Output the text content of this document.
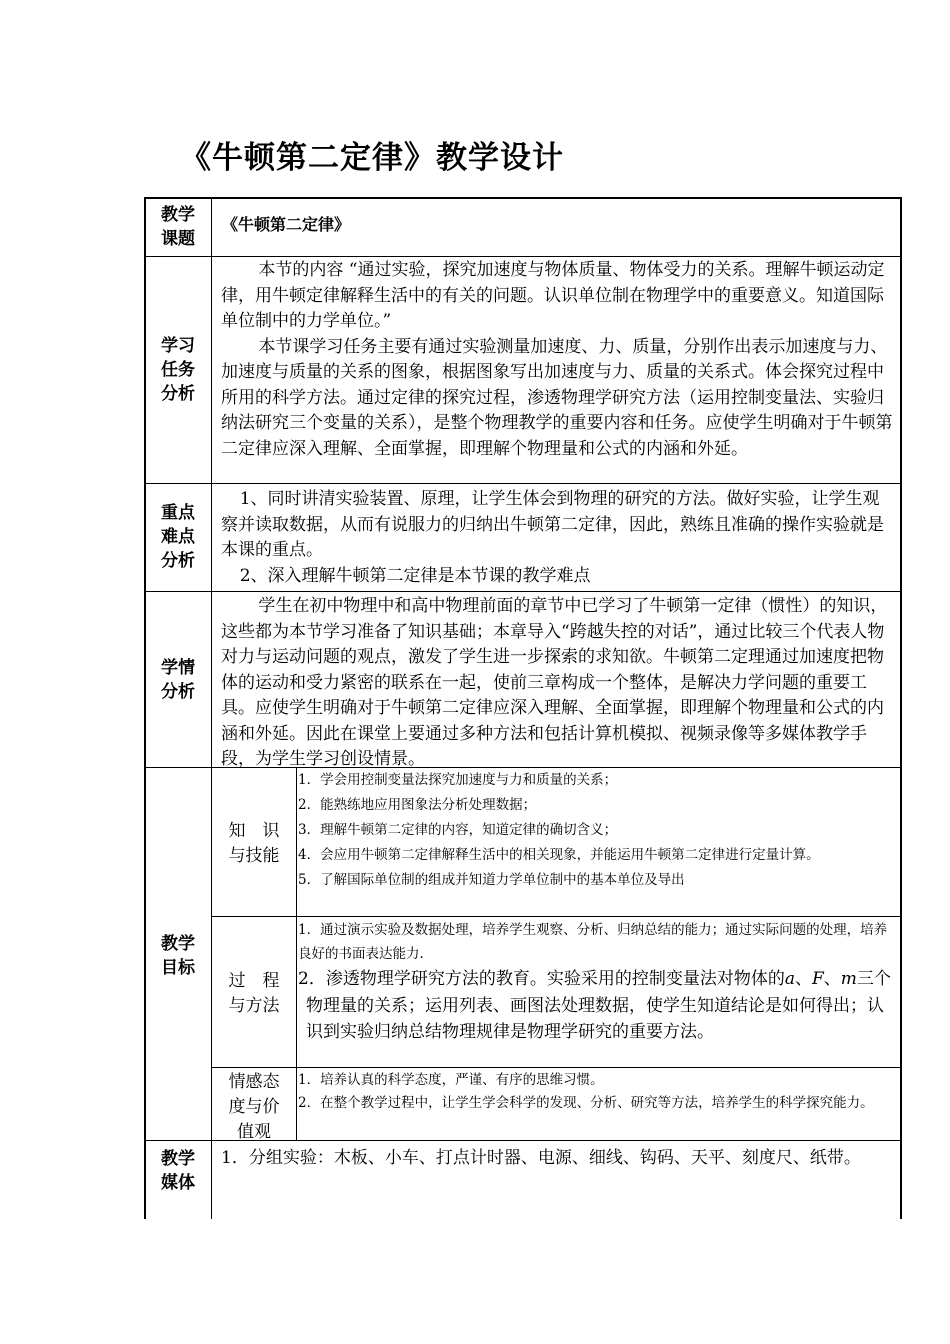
《牛顿第二定律》教学设计
教学
课题
《牛顿第二定律》
学习
任务
分析

本节的内容 “通过实验，探究加速度与物体质量、物体受力的关系。理解牛顿运动定律，用牛顿定律解释生活中的有关的问题。认识单位制在物理学中的重要意义。知道国际单位制中的力学单位。”

本节课学习任务主要有通过实验测量加速度、力、质量，分别作出表示加速度与力、加速度与质量的关系的图象，根据图象写出加速度与力、质量的关系式。体会探究过程中所用的科学方法。通过定律的探究过程，渗透物理学研究方法（运用控制变量法、实验归纳法研究三个变量的关系），是整个物理教学的重要内容和任务。应使学生明确对于牛顿第二定律应深入理解、全面掌握，即理解个物理量和公式的内涵和外延。

重点
难点
分析

1、同时讲清实验装置、原理，让学生体会到物理的研究的方法。做好实验，让学生观察并读取数据，从而有说服力的归纳出牛顿第二定律，因此，熟练且准确的操作实验就是本课的重点。

2、深入理解牛顿第二定律是本节课的教学难点

学情
分析

学生在初中物理中和高中物理前面的章节中已学习了牛顿第一定律（惯性）的知识，这些都为本节学习准备了知识基础；本章导入“跨越失控的对话”，通过比较三个代表人物对力与运动问题的观点，激发了学生进一步探索的求知欲。牛顿第二定理通过加速度把物体的运动和受力紧密的联系在一起，使前三章构成一个整体，是解决力学问题的重要工具。应使学生明确对于牛顿第二定律应深入理解、全面掌握，即理解个物理量和公式的内涵和外延。因此在课堂上要通过多种方法和包括计算机模拟、视频录像等多媒体教学手段，为学生学习创设情景。

教学
目标
知　识
与技能
1．学会用控制变量法探究加速度与力和质量的关系；
2．能熟练地应用图象法分析处理数据；
3．理解牛顿第二定律的内容，知道定律的确切含义；
4．会应用牛顿第二定律解释生活中的相关现象，并能运用牛顿第二定律进行定量计算。
5．了解国际单位制的组成并知道力学单位制中的基本单位及导出
过　程
与方法
1．通过演示实验及数据处理，培养学生观察、分析、归纳总结的能力；通过实际问题的处理，培养良好的书面表达能力.
2．渗透物理学研究方法的教育。实验采用的控制变量法对物体的a、F、m三个物理量的关系；运用列表、画图法处理数据，使学生知道结论是如何得出；认识到实验归纳总结物理规律是物理学研究的重要方法。
情感态
度与价
值观
1．培养认真的科学态度，严谨、有序的思维习惯。
2．在整个教学过程中，让学生学会科学的发现、分析、研究等方法，培养学生的科学探究能力。
教学
媒体
1．分组实验：木板、小车、打点计时器、电源、细线、钩码、天平、刻度尺、纸带。
